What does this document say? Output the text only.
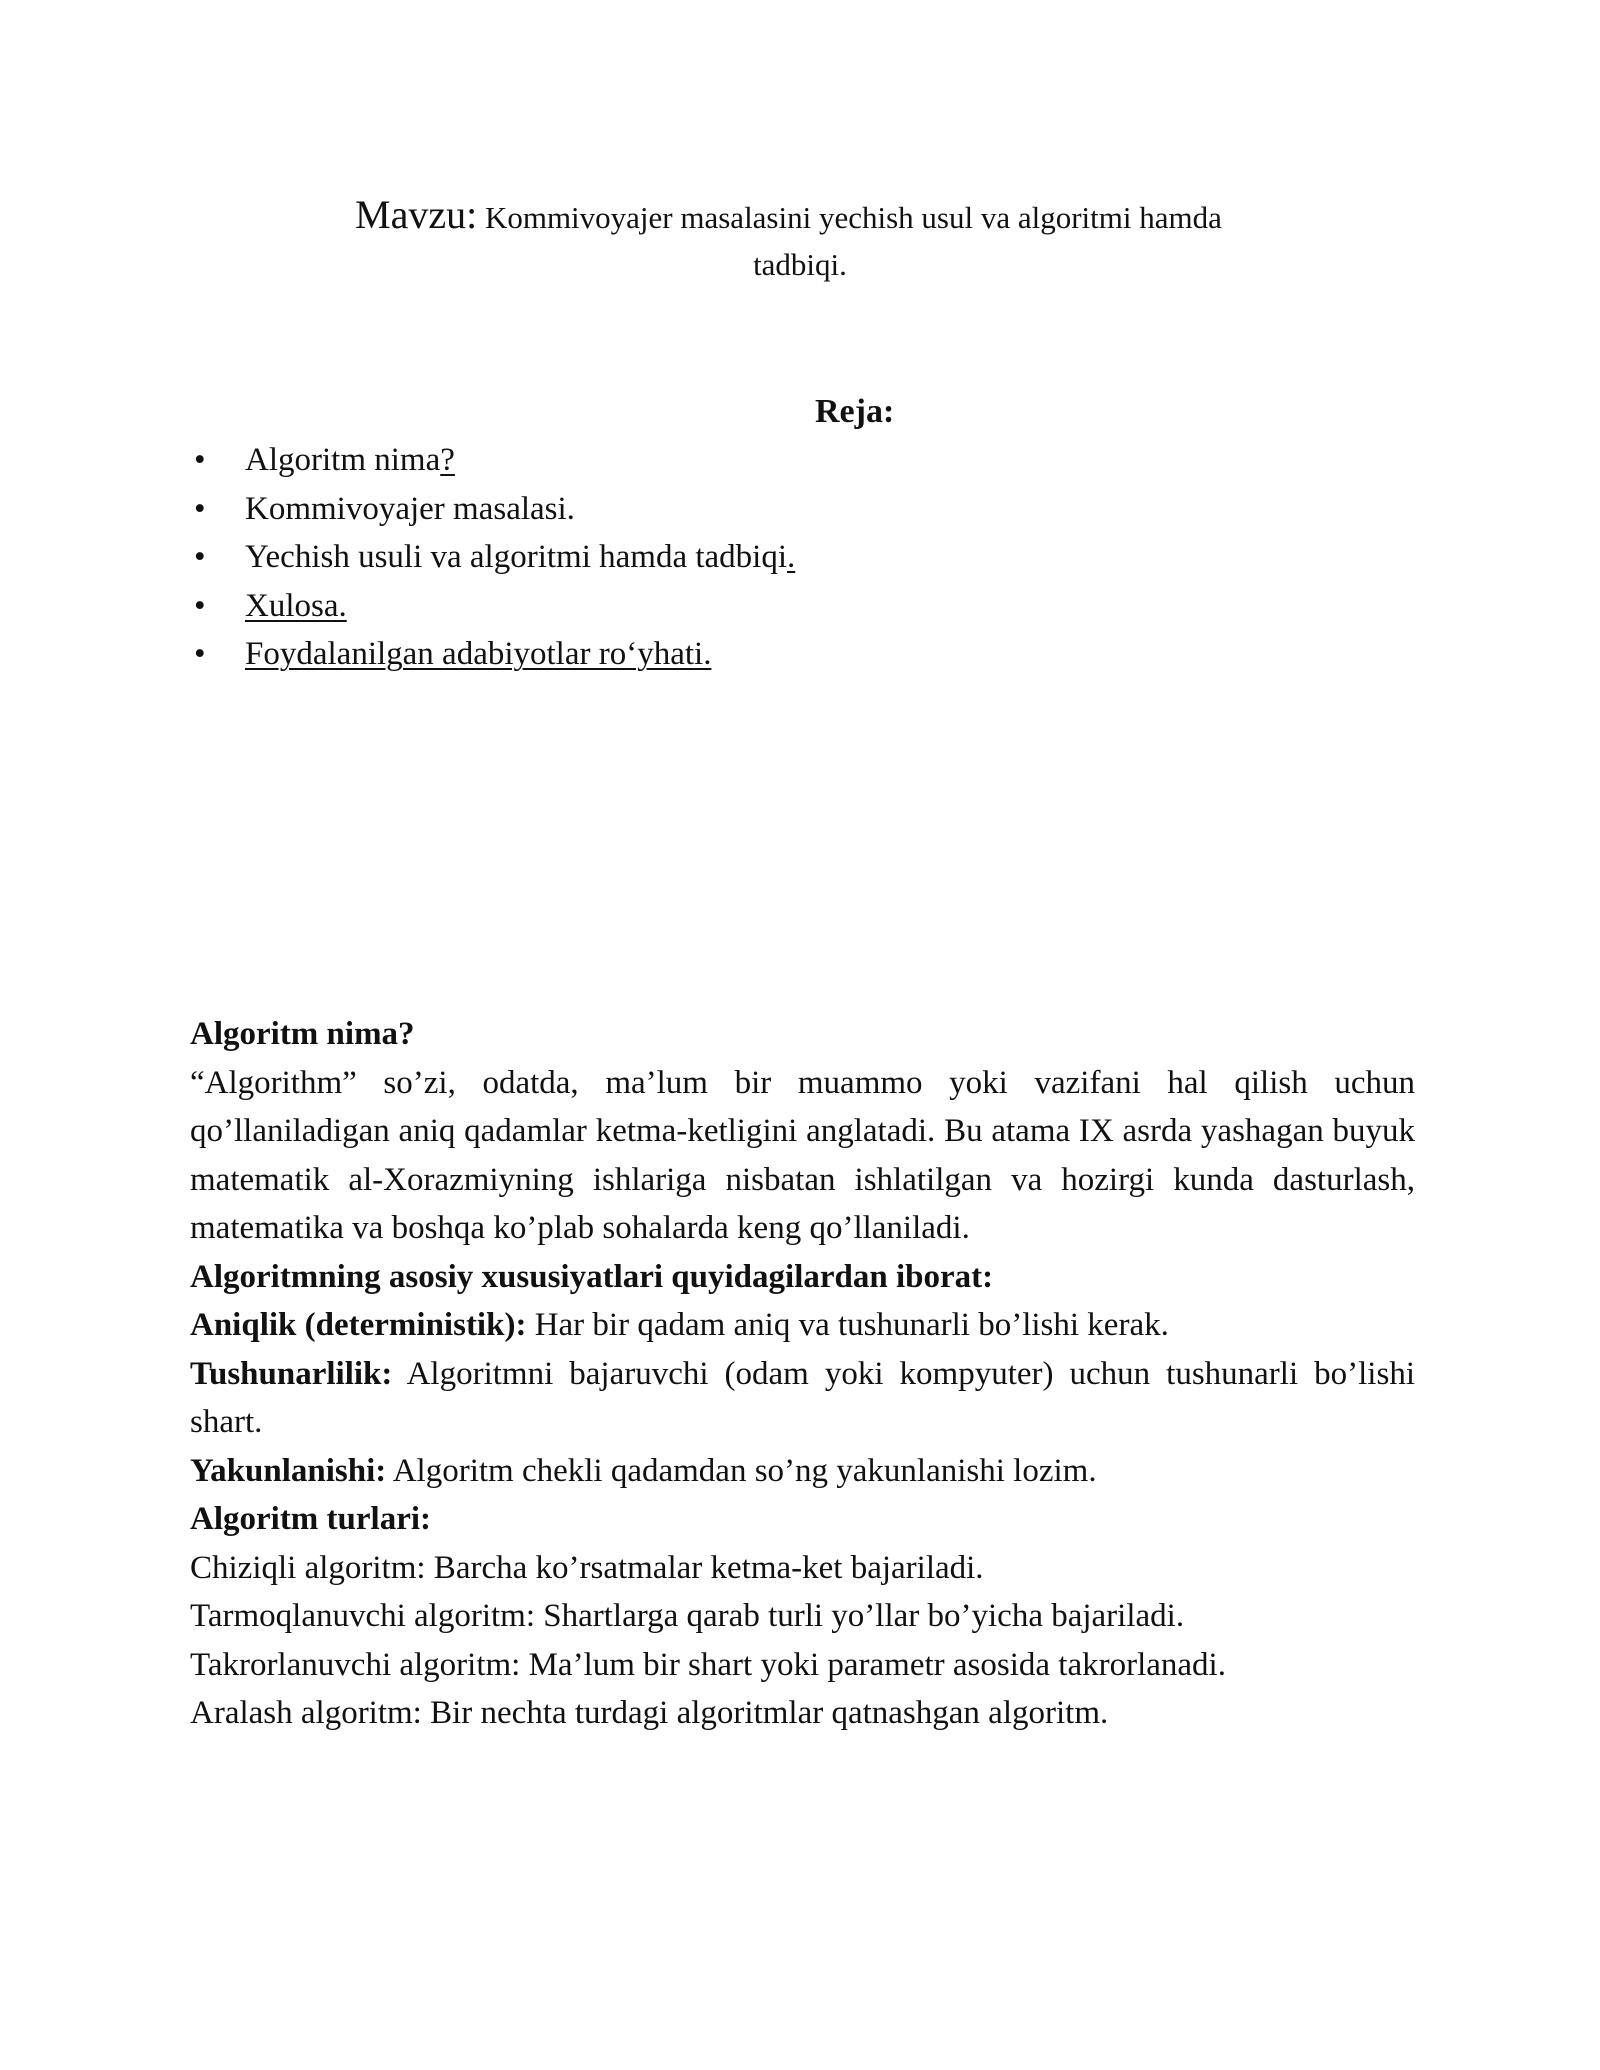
Mavzu: Kommivoyajer masalasini yechish usul va algoritmi hamda
tadbiqi.
Reja:
• Algoritm nima?
• Kommivoyajer masalasi.
• Yechish usuli va algoritmi hamda tadbiqi.
• Xulosa.
• Foydalanilgan adabiyotlar ro‘yhati.

Algoritm nima?

“Algorithm” so’zi, odatda, ma’lum bir muammo yoki vazifani hal qilish uchun qo’llaniladigan aniq qadamlar ketma-ketligini anglatadi. Bu atama IX asrda yashagan buyuk matematik al-Xorazmiyning ishlariga nisbatan ishlatilgan va hozirgi kunda dasturlash, matematika va boshqa ko’plab sohalarda keng qo’llaniladi.

Algoritmning asosiy xususiyatlari quyidagilardan iborat:

Aniqlik (deterministik): Har bir qadam aniq va tushunarli bo’lishi kerak.

Tushunarlilik: Algoritmni bajaruvchi (odam yoki kompyuter) uchun tushunarli bo’lishi shart.

Yakunlanishi: Algoritm chekli qadamdan so’ng yakunlanishi lozim.

Algoritm turlari:

Chiziqli algoritm: Barcha ko’rsatmalar ketma-ket bajariladi.

Tarmoqlanuvchi algoritm: Shartlarga qarab turli yo’llar bo’yicha bajariladi.

Takrorlanuvchi algoritm: Ma’lum bir shart yoki parametr asosida takrorlanadi.

Aralash algoritm: Bir nechta turdagi algoritmlar qatnashgan algoritm.
